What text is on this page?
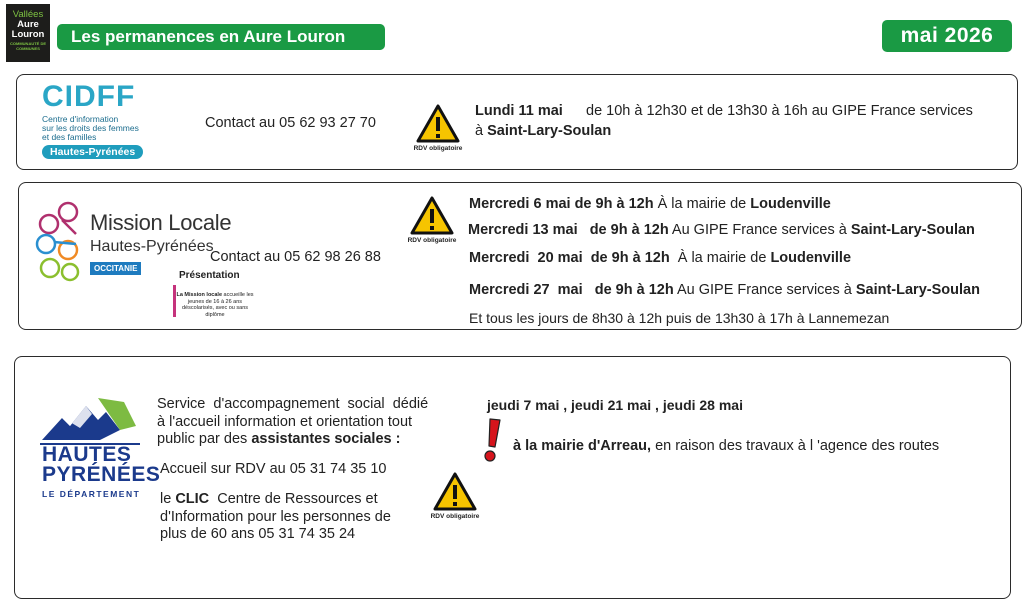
Vallées
Aure
Louron
COMMUNAUTÉ DE COMMUNES
Les permanences en Aure Louron	mai 2026
CIDFF
Centre d'information
sur les droits des femmes
et des familles
Hautes-Pyrénées
Contact au 05 62 93 27 70
RDV obligatoire
Lundi 11 mai de 10h à 12h30 et de 13h30 à 16h au GIPE France services
à Saint-Lary-Soulan
Mission Locale
Hautes-Pyrénées
OCCITANIE
Présentation
La Mission locale accueille les jeunes de 16 à 26 ans déscolarisés, avec ou sans diplôme
Contact au 05 62 98 26 88
RDV obligatoire
Mercredi 6 mai de 9h à 12h À la mairie de Loudenville
Mercredi 13 mai   de 9h à 12h Au GIPE France services à Saint-Lary-Soulan
Mercredi  20 mai  de 9h à 12h  À la mairie de Loudenville
Mercredi 27  mai   de 9h à 12h Au GIPE France services à Saint-Lary-Soulan
Et tous les jours de 8h30 à 12h puis de 13h30 à 17h à Lannemezan
HAUTES
PYRÉNÉES
LE DÉPARTEMENT
Service  d'accompagnement  social  dédié
à l'accueil information et orientation tout
public par des assistantes sociales :
Accueil sur RDV au 05 31 74 35 10
le CLIC  Centre de Ressources et
d'Information pour les personnes de
plus de 60 ans 05 31 74 35 24
RDV obligatoire
jeudi 7 mai , jeudi 21 mai , jeudi 28 mai
à la mairie d'Arreau, en raison des travaux à l 'agence des routes
